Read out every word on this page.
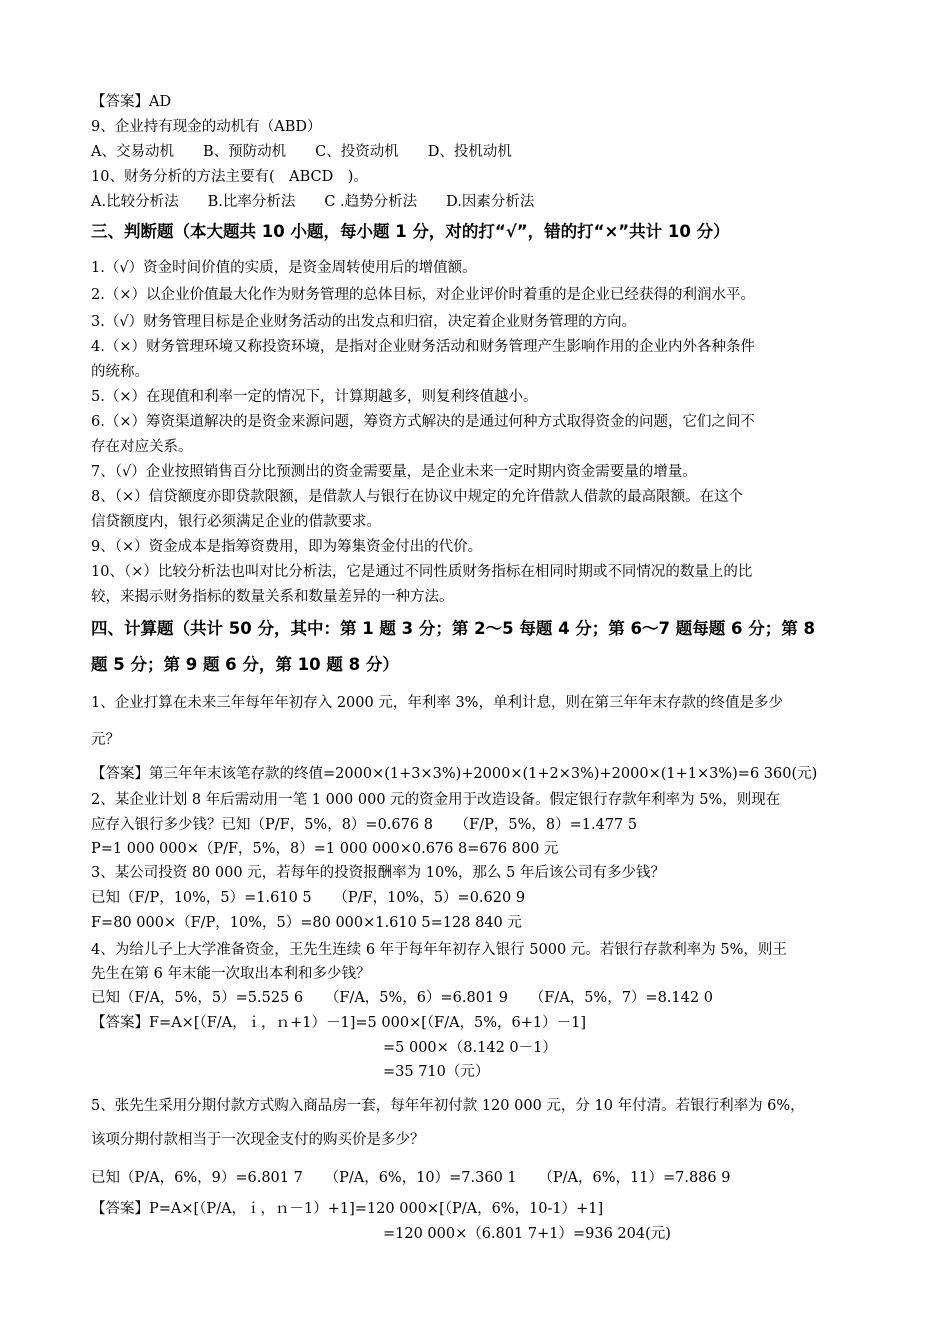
【答案】AD
9、企业持有现金的动机有（ABD）
A、交易动机　　B、预防动机　　C、投资动机　　D、投机动机
10、财务分析的方法主要有(　ABCD　)。
A.比较分析法　　B.比率分析法　　C .趋势分析法　　D.因素分析法
三、判断题（本大题共 10 小题，每小题 1 分，对的打“√”，错的打“×”共计 10 分）
1.（√）资金时间价值的实质，是资金周转使用后的增值额。
2.（×）以企业价值最大化作为财务管理的总体目标，对企业评价时着重的是企业已经获得的利润水平。
3.（√）财务管理目标是企业财务活动的出发点和归宿，决定着企业财务管理的方向。
4.（×）财务管理环境又称投资环境，是指对企业财务活动和财务管理产生影响作用的企业内外各种条件
的统称。
5.（×）在现值和利率一定的情况下，计算期越多，则复利终值越小。
6.（×）筹资渠道解决的是资金来源问题，筹资方式解决的是通过何种方式取得资金的问题，它们之间不
存在对应关系。
7、（√）企业按照销售百分比预测出的资金需要量，是企业未来一定时期内资金需要量的增量。
8、（×）信贷额度亦即贷款限额，是借款人与银行在协议中规定的允许借款人借款的最高限额。在这个
信贷额度内，银行必须满足企业的借款要求。
9、（×）资金成本是指筹资费用，即为筹集资金付出的代价。
10、（×）比较分析法也叫对比分析法，它是通过不同性质财务指标在相同时期或不同情况的数量上的比
较，来揭示财务指标的数量关系和数量差异的一种方法。
四、计算题（共计 50 分，其中：第 1 题 3 分；第 2～5 每题 4 分；第 6～7 题每题 6 分；第 8
题 5 分；第 9 题 6 分，第 10 题 8 分）
1、企业打算在未来三年每年年初存入 2000 元，年利率 3%，单利计息，则在第三年年末存款的终值是多少
元？
【答案】第三年年末该笔存款的终值=2000×(1+3×3%)+2000×(1+2×3%)+2000×(1+1×3%)=6 360(元)
2、某企业计划 8 年后需动用一笔 1 000 000 元的资金用于改造设备。假定银行存款年利率为 5%，则现在
应存入银行多少钱？已知（P/F，5%，8）=0.676 8　　（F/P，5%，8）=1.477 5
P=1 000 000×（P/F，5%，8）=1 000 000×0.676 8=676 800 元
3、某公司投资 80 000 元，若每年的投资报酬率为 10%，那么 5 年后该公司有多少钱？
已知（F/P，10%，5）=1.610 5　　（P/F，10%，5）=0.620 9
F=80 000×（F/P，10%，5）=80 000×1.610 5=128 840 元
4、为给儿子上大学准备资金，王先生连续 6 年于每年年初存入银行 5000 元。若银行存款利率为 5%，则王
先生在第 6 年末能一次取出本利和多少钱？
已知（F/A，5%，5）=5.525 6　　（F/A，5%，6）=6.801 9　　（F/A，5%，7）=8.142 0
【答案】F=A×[（F/A，ｉ，ｎ+1）－1]=5 000×[（F/A，5%，6+1）－1]
=5 000×（8.142 0－1）
=35 710（元）
5、张先生采用分期付款方式购入商品房一套，每年年初付款 120 000 元，分 10 年付清。若银行利率为 6%，
该项分期付款相当于一次现金支付的购买价是多少？
已知（P/A，6%，9）=6.801 7　　（P/A，6%，10）=7.360 1　　（P/A，6%，11）=7.886 9
【答案】P=A×[（P/A，ｉ，ｎ－1）+1]=120 000×[（P/A，6%，10-1）+1]
=120 000×（6.801 7+1）=936 204(元)
